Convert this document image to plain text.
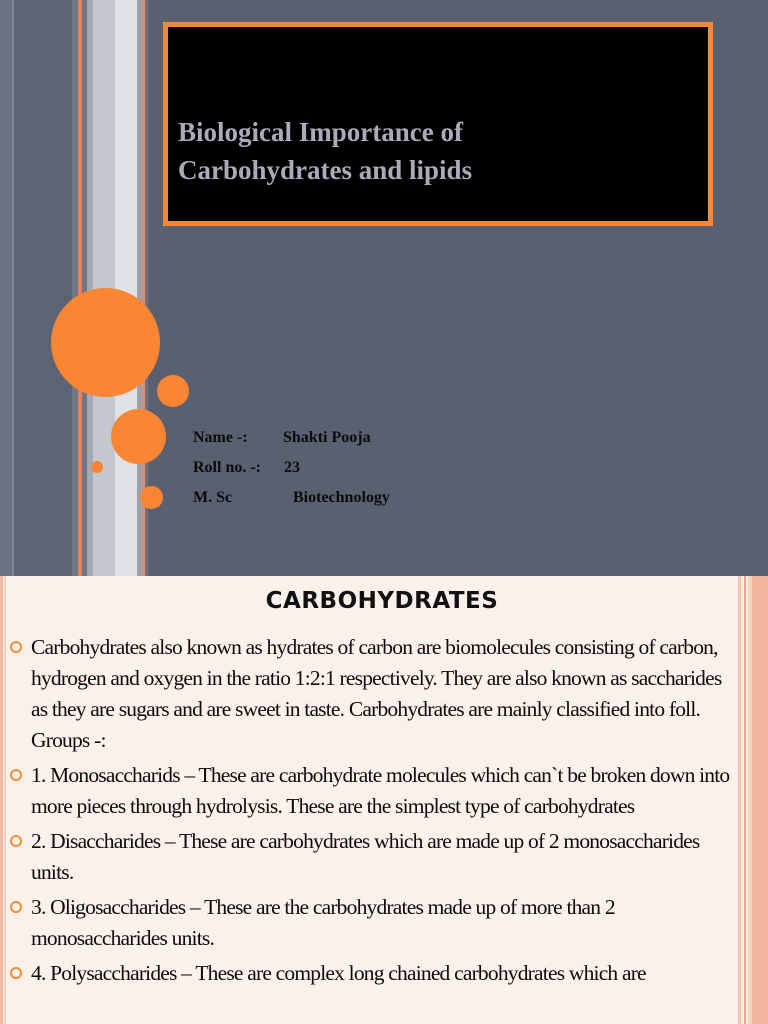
Biological Importance of
Carbohydrates and lipids
Name -: Shakti Pooja
Roll no. -: 23
M. Sc	Biotechnology
CARBOHYDRATES
Carbohydrates also known as hydrates of carbon are biomolecules consisting of carbon, hydrogen and oxygen in the ratio 1:2:1 respectively. They are also known as saccharides as they are sugars and are sweet in taste. Carbohydrates are mainly classified into foll. Groups -:
1. Monosaccharids – These are carbohydrate molecules which can`t be broken down into more pieces through hydrolysis. These are the simplest type of carbohydrates
2. Disaccharides – These are carbohydrates which are made up of 2 monosaccharides units.
3. Oligosaccharides – These are the carbohydrates made up of more than 2 monosaccharides units.
4. Polysaccharides – These are complex long chained carbohydrates which are
